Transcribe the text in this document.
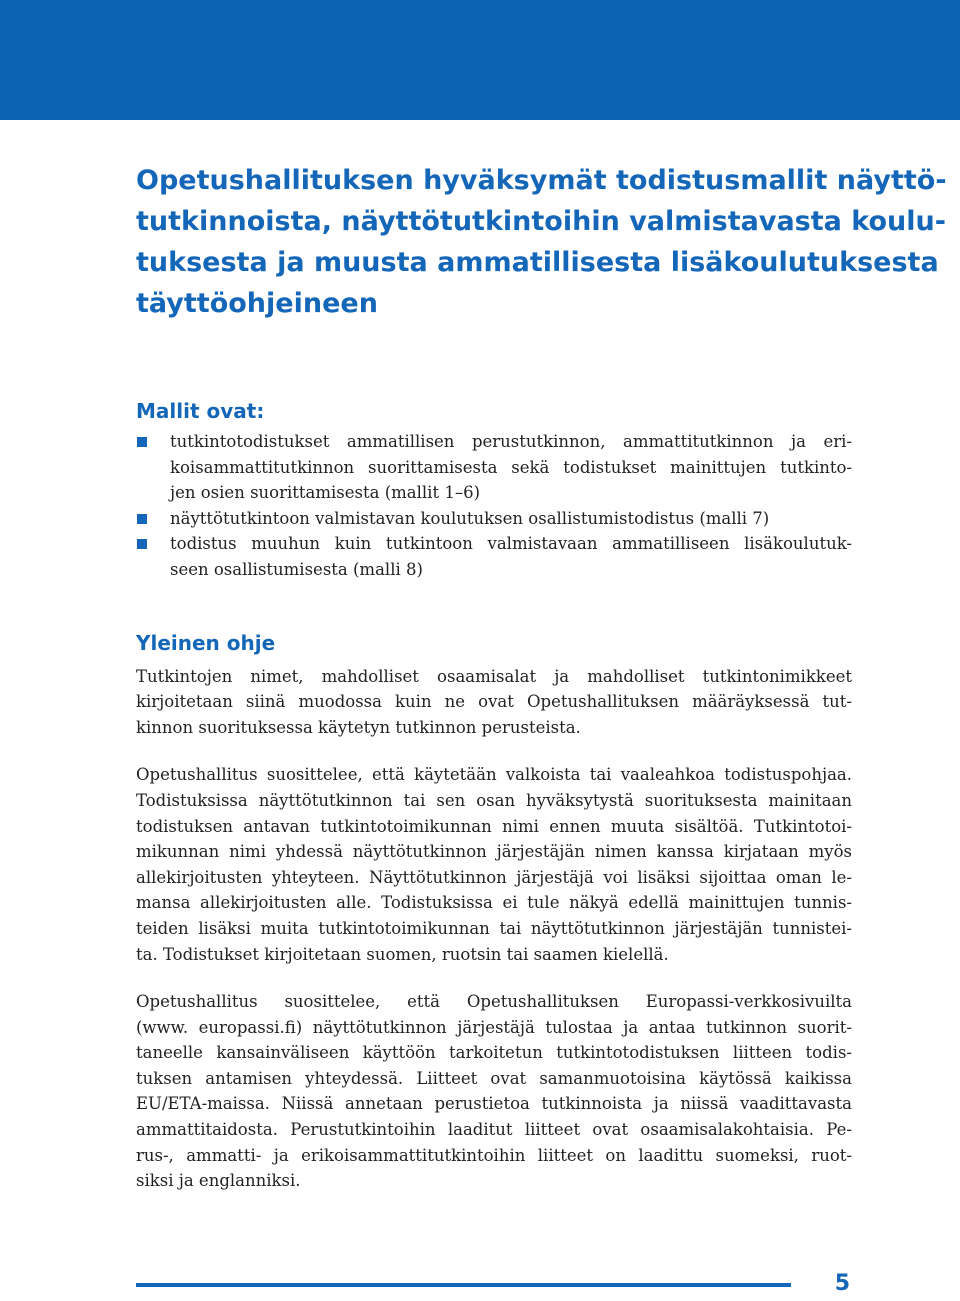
Opetushallituksen hyväksymät todistusmallit näyttö-
tutkinnoista, näyttötutkintoihin valmistavasta koulu-
tuksesta ja muusta ammatillisesta lisäkoulutuksesta
täyttöohjeineen
Mallit ovat:
tutkintotodistukset ammatillisen perustutkinnon, ammattitutkinnon ja eri-
koisammattitutkinnon suorittamisesta sekä todistukset mainittujen tutkinto-
jen osien suorittamisesta (mallit 1–6)
näyttötutkintoon valmistavan koulutuksen osallistumistodistus (malli 7)
todistus muuhun kuin tutkintoon valmistavaan ammatilliseen lisäkoulutuk-
seen osallistumisesta (malli 8)
Yleinen ohje
Tutkintojen nimet, mahdolliset osaamisalat ja mahdolliset tutkintonimikkeet
kirjoitetaan siinä muodossa kuin ne ovat Opetushallituksen määräyksessä tut-
kinnon suorituksessa käytetyn tutkinnon perusteista.
Opetushallitus suosittelee, että käytetään valkoista tai vaaleahkoa todistuspohjaa.
Todistuksissa näyttötutkinnon tai sen osan hyväksytystä suorituksesta mainitaan
todistuksen antavan tutkintotoimikunnan nimi ennen muuta sisältöä. Tutkintotoi-
mikunnan nimi yhdessä näyttötutkinnon järjestäjän nimen kanssa kirjataan myös
allekirjoitusten yhteyteen. Näyttötutkinnon järjestäjä voi lisäksi sijoittaa oman le-
mansa allekirjoitusten alle. Todistuksissa ei tule näkyä edellä mainittujen tunnis-
teiden lisäksi muita tutkintotoimikunnan tai näyttötutkinnon järjestäjän tunnistei-
ta. Todistukset kirjoitetaan suomen, ruotsin tai saamen kielellä.
Opetushallitus suosittelee, että Opetushallituksen Europassi-verkkosivuilta
(www. europassi.fi) näyttötutkinnon järjestäjä tulostaa ja antaa tutkinnon suorit-
taneelle kansainväliseen käyttöön tarkoitetun tutkintotodistuksen liitteen todis-
tuksen antamisen yhteydessä. Liitteet ovat samanmuotoisina käytössä kaikissa
EU/ETA-maissa. Niissä annetaan perustietoa tutkinnoista ja niissä vaadittavasta
ammattitaidosta. Perustutkintoihin laaditut liitteet ovat osaamisalakohtaisia. Pe-
rus-, ammatti- ja erikoisammattitutkintoihin liitteet on laadittu suomeksi, ruot-
siksi ja englanniksi.
5
